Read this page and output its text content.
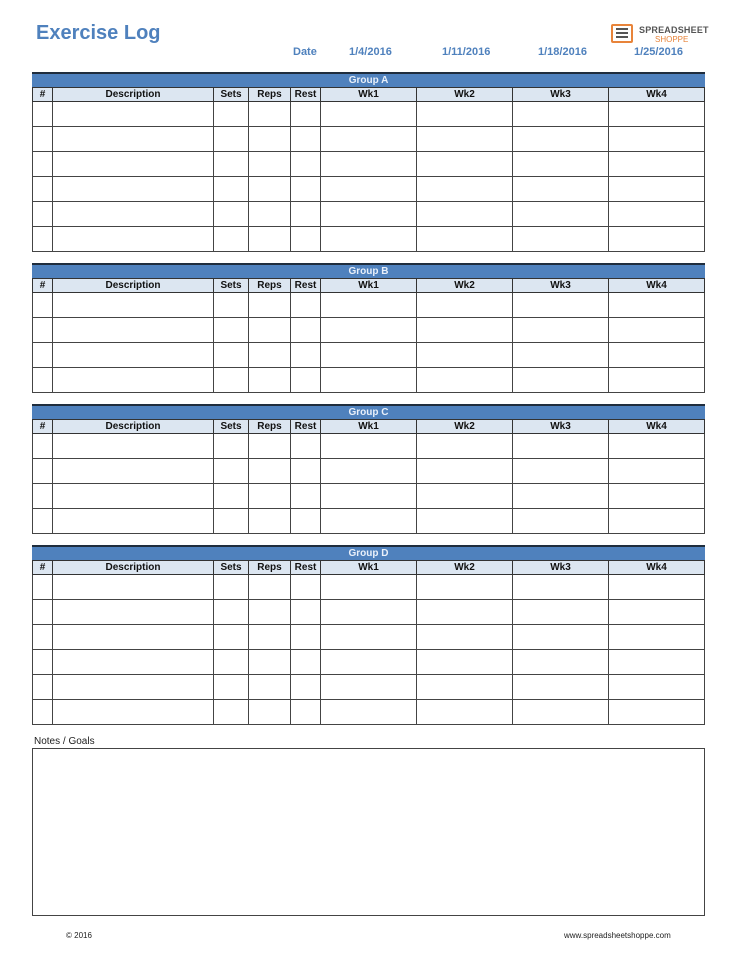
Exercise Log	SPREADSHEET
SHOPPE
Date	1/4/2016	1/11/2016	1/18/2016	1/25/2016
Group A
#	Description	Sets	Reps	Rest	Wk1	Wk2	Wk3	Wk4

Group B
#	Description	Sets	Reps	Rest	Wk1	Wk2	Wk3	Wk4

Group C
#	Description	Sets	Reps	Rest	Wk1	Wk2	Wk3	Wk4

Group D
#	Description	Sets	Reps	Rest	Wk1	Wk2	Wk3	Wk4

Notes / Goals
© 2016	www.spreadsheetshoppe.com
